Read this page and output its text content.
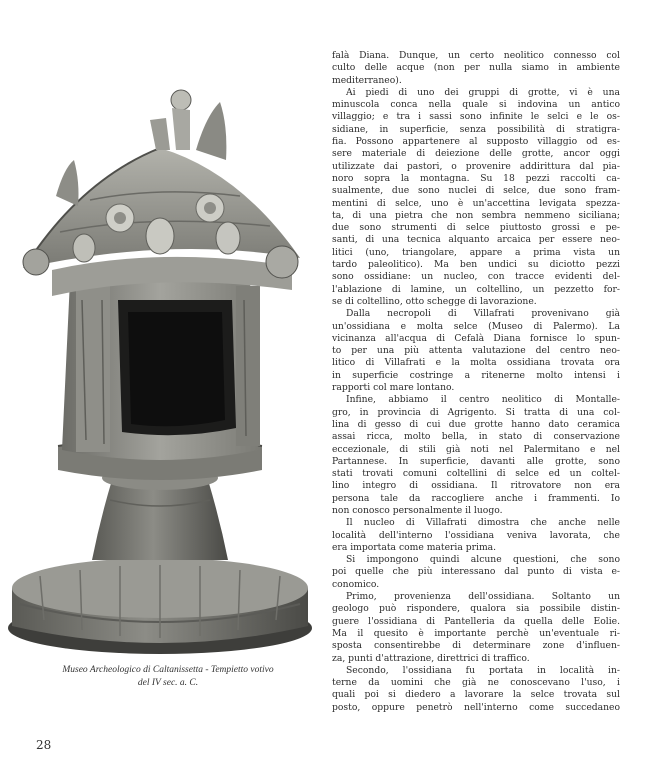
Museo Archeologico di Caltanissetta - Tempietto votivo
del IV sec. a. C.

falà Diana. Dunque, un certo neolitico connesso col

culto delle acque (non per nulla siamo in ambiente

mediterraneo).

Ai piedi di uno dei gruppi di grotte, vi è una

minuscola conca nella quale si indovina un antico

villaggio; e tra i sassi sono infinite le selci e le os-

sidiane, in superficie, senza possibilità di stratigra-

fia. Possono appartenere al supposto villaggio od es-

sere materiale di deiezione delle grotte, ancor oggi

utilizzate dai pastori, o provenire addirittura dal pia-

noro sopra la montagna. Su 18 pezzi raccolti ca-

sualmente, due sono nuclei di selce, due sono fram-

mentini di selce, uno è un'accettina levigata spezza-

ta, di una pietra che non sembra nemmeno siciliana;

due sono strumenti di selce piuttosto grossi e pe-

santi, di una tecnica alquanto arcaica per essere neo-

litici (uno, triangolare, appare a prima vista un

tardo paleolitico). Ma ben undici su diciotto pezzi

sono ossidiane: un nucleo, con tracce evidenti del-

l'ablazione di lamine, un coltellino, un pezzetto for-

se di coltellino, otto schegge di lavorazione.

Dalla necropoli di Villafrati provenivano già

un'ossidiana e molta selce (Museo di Palermo). La

vicinanza all'acqua di Cefalà Diana fornisce lo spun-

to per una più attenta valutazione del centro neo-

litico di Villafrati e la molta ossidiana trovata ora

in superficie costringe a ritenerne molto intensi i

rapporti col mare lontano.

Infine, abbiamo il centro neolitico di Montalle-

gro, in provincia di Agrigento. Si tratta di una col-

lina di gesso di cui due grotte hanno dato ceramica

assai ricca, molto bella, in stato di conservazione

eccezionale, di stili già noti nel Palermitano e nel

Partannese. In superficie, davanti alle grotte, sono

stati trovati comuni coltellini di selce ed un coltel-

lino integro di ossidiana. Il ritrovatore non era

persona tale da raccogliere anche i frammenti. Io

non conosco personalmente il luogo.

Il nucleo di Villafrati dimostra che anche nelle

località dell'interno l'ossidiana veniva lavorata, che

era importata come materia prima.

Si impongono quindi alcune questioni, che sono

poi quelle che più interessano dal punto di vista e-

conomico.

Primo, provenienza dell'ossidiana. Soltanto un

geologo può rispondere, qualora sia possibile distin-

guere l'ossidiana di Pantelleria da quella delle Eolie.

Ma il quesito è importante perchè un'eventuale ri-

sposta consentirebbe di determinare zone d'influen-

za, punti d'attrazione, direttrici di traffico.

Secondo, l'ossidiana fu portata in località in-

terne da uomini che già ne conoscevano l'uso, i

quali poi si diedero a lavorare la selce trovata sul

posto, oppure penetrò nell'interno come succedaneo

28
